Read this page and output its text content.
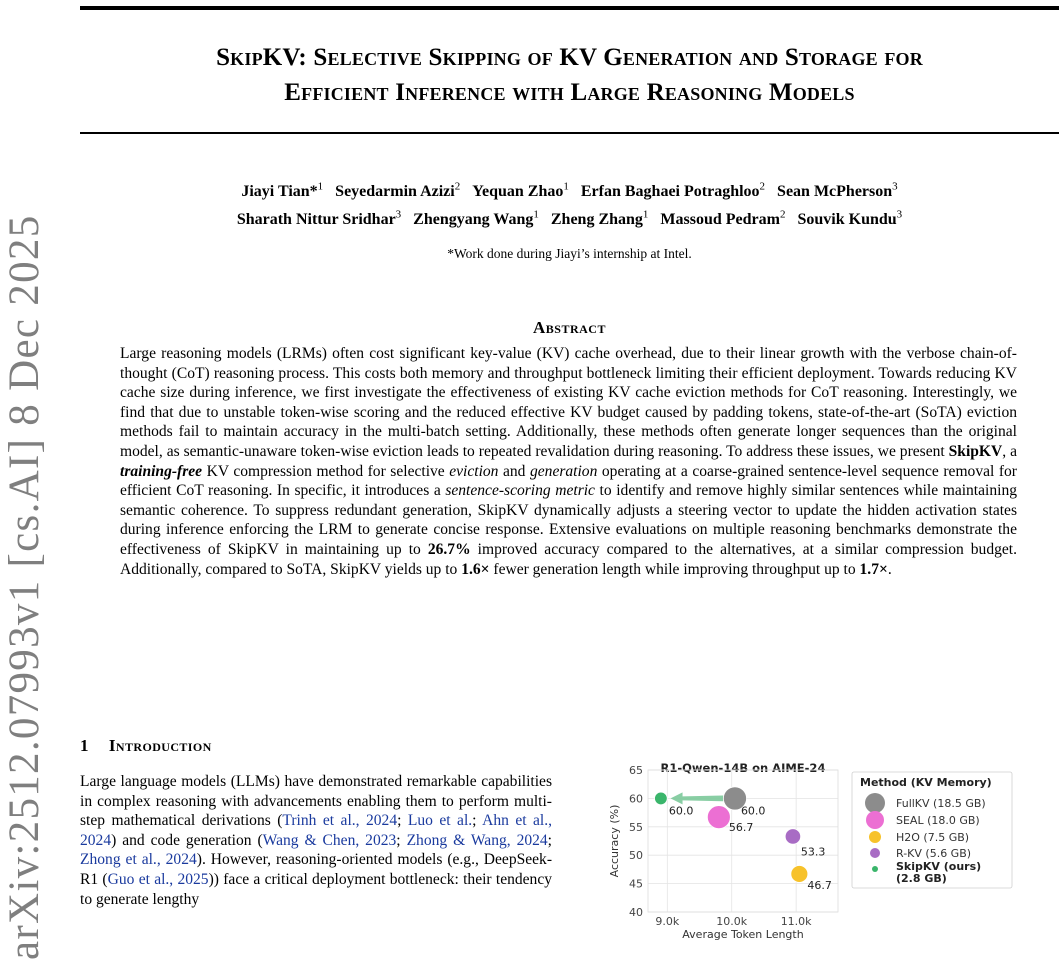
SkipKV: Selective Skipping of KV Generation and Storage for
Efficient Inference with Large Reasoning Models
Jiayi Tian*$^1$ Seyedarmin Azizi$^2$ Yequan Zhao$^1$ Erfan Baghaei Potraghloo$^2$ Sean McPherson$^3$
Sharath Nittur Sridhar$^3$ Zhengyang Wang$^1$ Zheng Zhang$^1$ Massoud Pedram$^2$ Souvik Kundu$^3$
*Work done during Jiayi’s internship at Intel.
arXiv:2512.07993v1 [cs.AI] 8 Dec 2025	Abstract
Large reasoning models (LRMs) often cost significant key-value (KV) cache overhead, due to their linear growth with the verbose chain-of-thought (CoT) reasoning process. This costs both memory and throughput bottleneck limiting their efficient deployment. Towards reducing KV cache size during inference, we first investigate the effectiveness of existing KV cache eviction methods for CoT reasoning. Interestingly, we find that due to unstable token-wise scoring and the reduced effective KV budget caused by padding tokens, state-of-the-art (SoTA) eviction methods fail to maintain accuracy in the multi-batch setting. Additionally, these methods often generate longer sequences than the original model, as semantic-unaware token-wise eviction leads to repeated revalidation during reasoning. To address these issues, we present SkipKV, a training-free KV compression method for selective eviction and generation operating at a coarse-grained sentence-level sequence removal for efficient CoT reasoning. In specific, it introduces a sentence-scoring metric to identify and remove highly similar sentences while maintaining semantic coherence. To suppress redundant generation, SkipKV dynamically adjusts a steering vector to update the hidden activation states during inference enforcing the LRM to generate concise response. Extensive evaluations on multiple reasoning benchmarks demonstrate the effectiveness of SkipKV in maintaining up to 26.7% improved accuracy compared to the alternatives, at a similar compression budget. Additionally, compared to SoTA, SkipKV yields up to 1.6× fewer generation length while improving throughput up to 1.7×.
1 Introduction
Large language models (LLMs) have demonstrated remarkable capabilities in complex reasoning with advancements enabling them to perform multi-step mathematical derivations (Trinh et al., 2024; Luo et al.; Ahn et al., 2024) and code generation (Wang & Chen, 2023; Zhong & Wang, 2024; Zhong et al., 2024). However, reasoning-oriented models (e.g., DeepSeek-R1 (Guo et al., 2025)) face a critical deployment bottleneck: their tendency to generate lengthy
R1-Qwen-14B on AIME-24
40
45
50
55
60
65
9.0k	10.0k	11.0k
Average Token Length
Accuracy (%)	60.0
56.7
46.7
53.3
60.0
Method (KV Memory)
FullKV (18.5 GB)
SEAL (18.0 GB)
H2O (7.5 GB)
R-KV (5.6 GB)
SkipKV (ours)
(2.8 GB)
